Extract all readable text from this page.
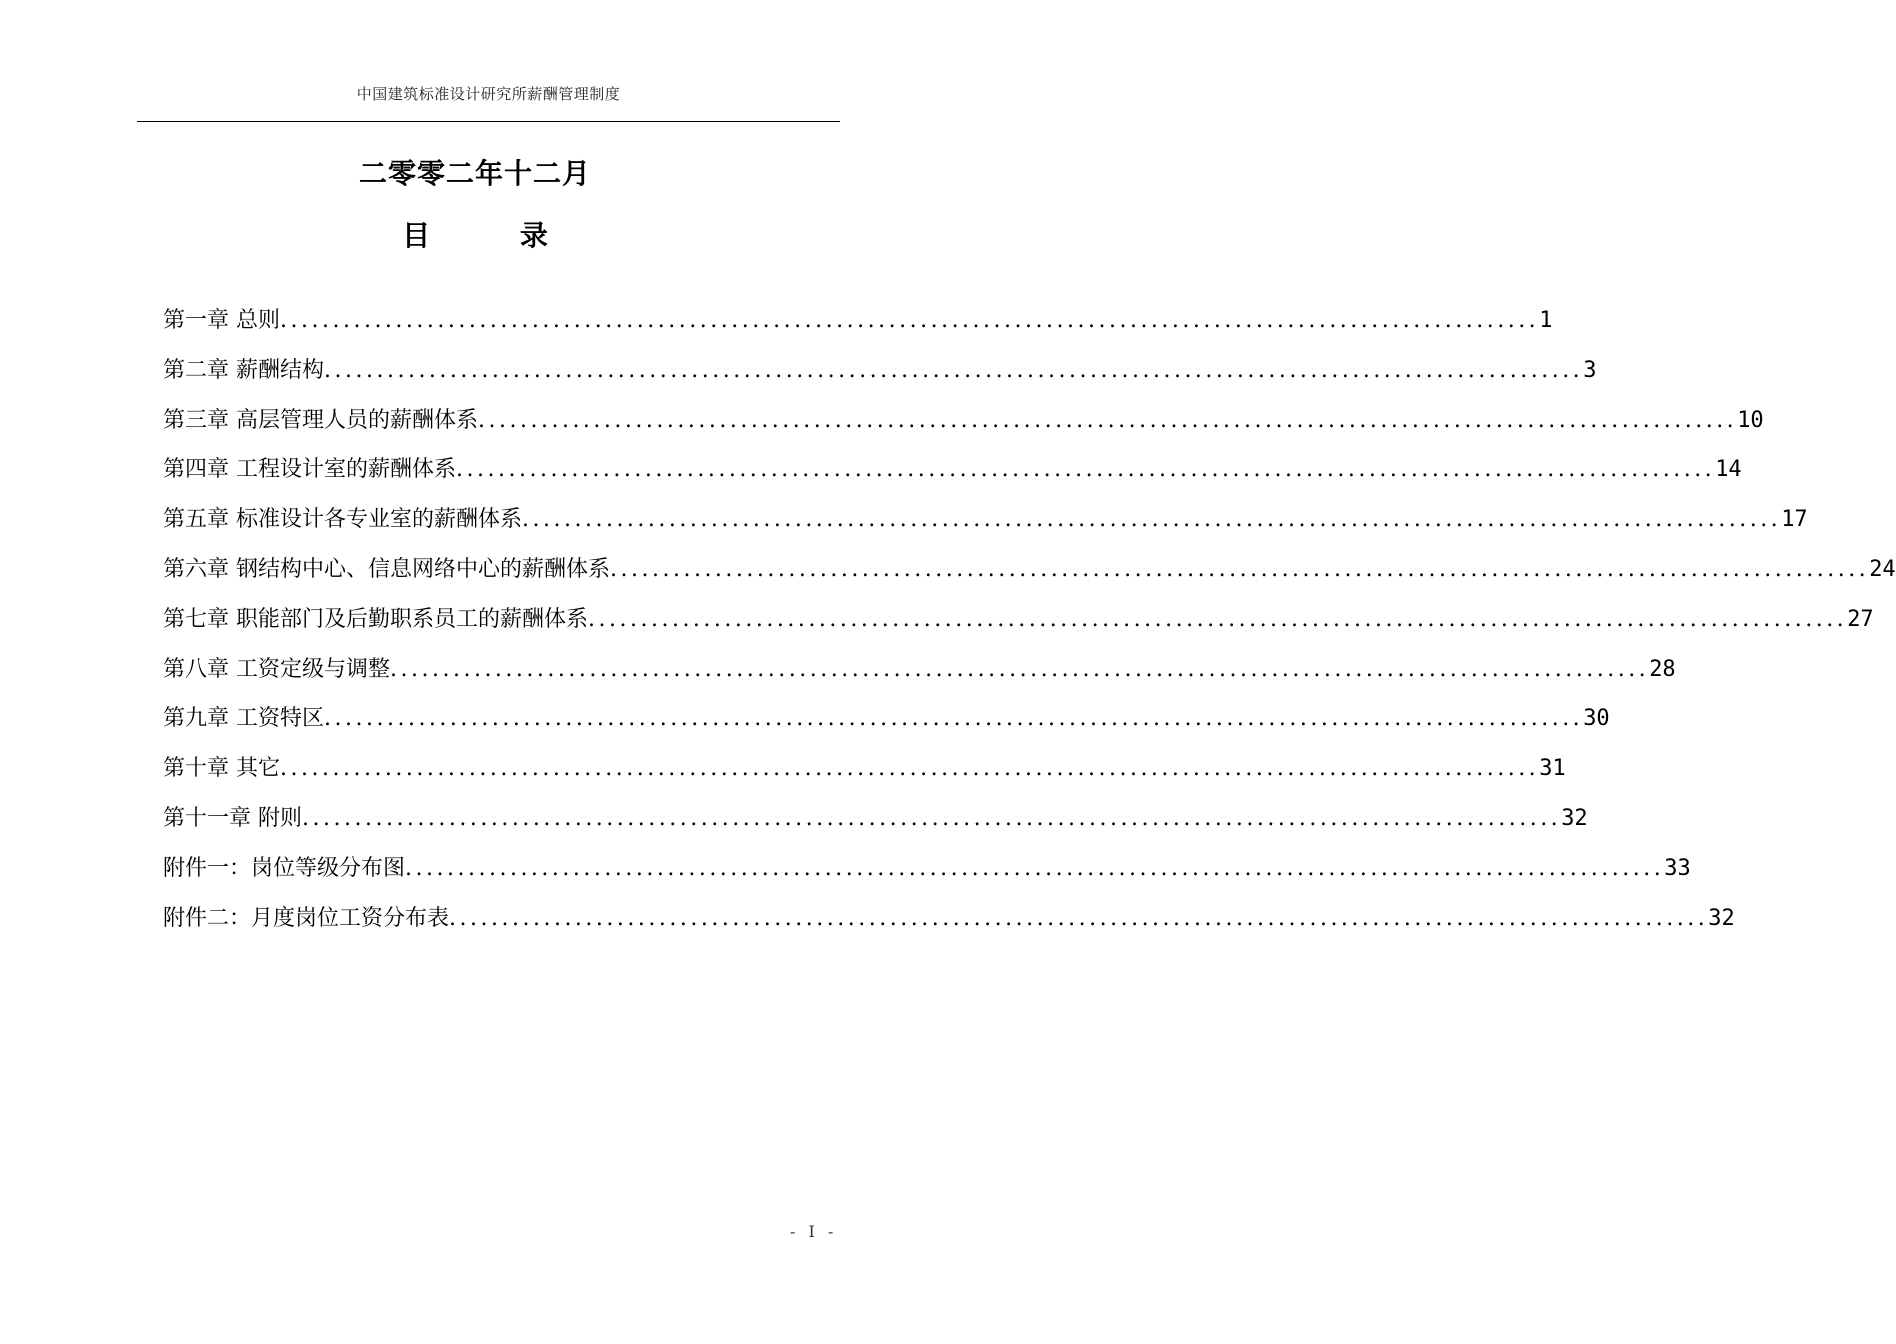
中国建筑标准设计研究所薪酬管理制度
二零零二年十二月
目 录
第一章 总则 ........................................................................................................................ 1
第二章 薪酬结构 ........................................................................................................................ 3
第三章 高层管理人员的薪酬体系 ........................................................................................................................ 10
第四章 工程设计室的薪酬体系 ........................................................................................................................ 14
第五章 标准设计各专业室的薪酬体系 ........................................................................................................................ 17
第六章 钢结构中心、信息网络中心的薪酬体系 ........................................................................................................................ 24
第七章 职能部门及后勤职系员工的薪酬体系 ........................................................................................................................ 27
第八章 工资定级与调整 ........................................................................................................................ 28
第九章 工资特区 ........................................................................................................................ 30
第十章 其它 ........................................................................................................................ 31
第十一章 附则 ........................................................................................................................ 32
附件一：岗位等级分布图 ........................................................................................................................ 33
附件二：月度岗位工资分布表 ........................................................................................................................ 32
- I -
